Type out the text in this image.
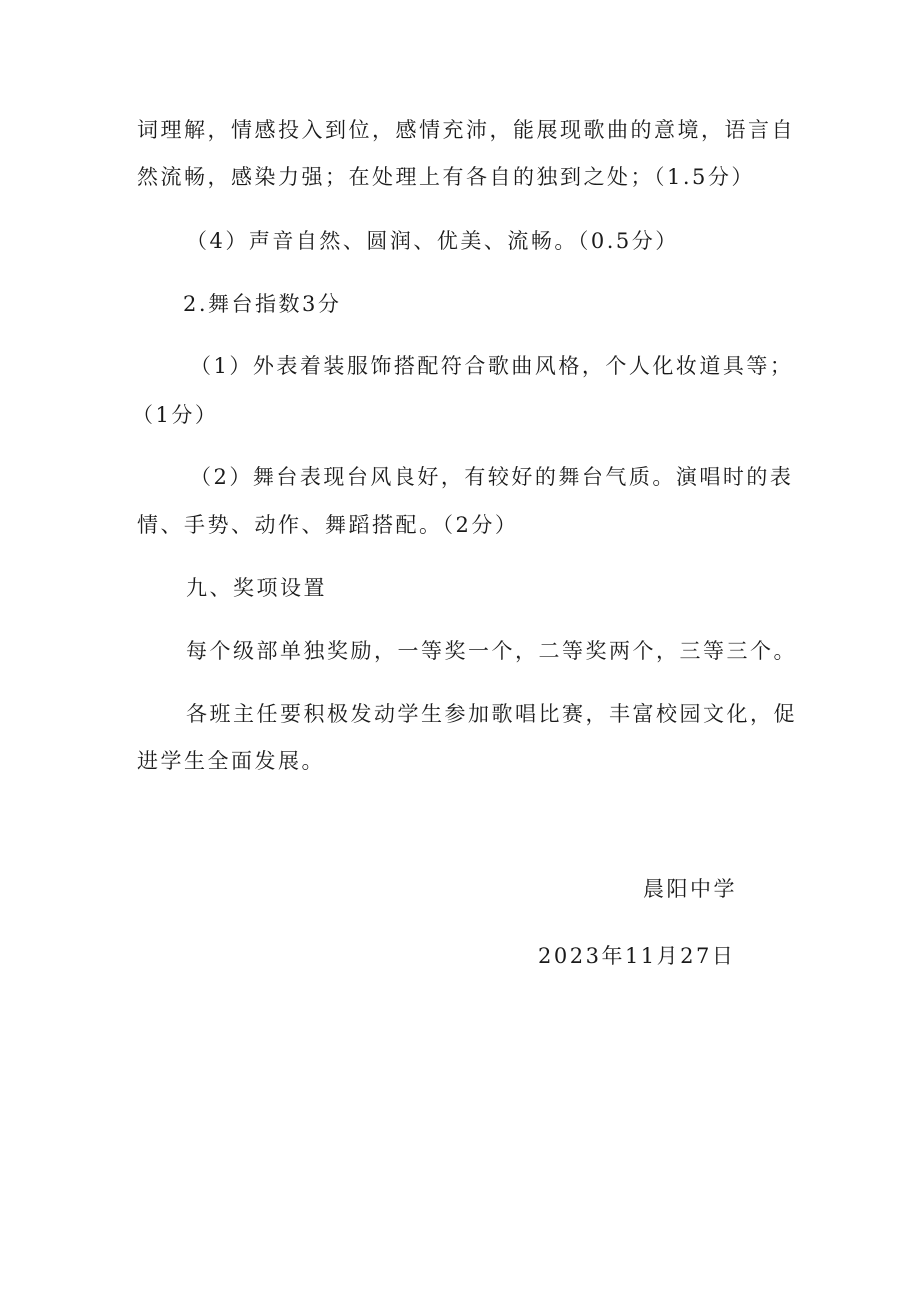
词理解，情感投入到位，感情充沛，能展现歌曲的意境，语言自
然流畅，感染力强；在处理上有各自的独到之处；（1.5分）
（4）声音自然、圆润、优美、流畅。（0.5分）
2.舞台指数3分
（1）外表着装服饰搭配符合歌曲风格，个人化妆道具等；
（1分）
（2）舞台表现台风良好，有较好的舞台气质。演唱时的表
情、手势、动作、舞蹈搭配。（2分）
九、奖项设置
每个级部单独奖励，一等奖一个，二等奖两个，三等三个。
各班主任要积极发动学生参加歌唱比赛，丰富校园文化，促
进学生全面发展。
晨阳中学
2023年11月27日
